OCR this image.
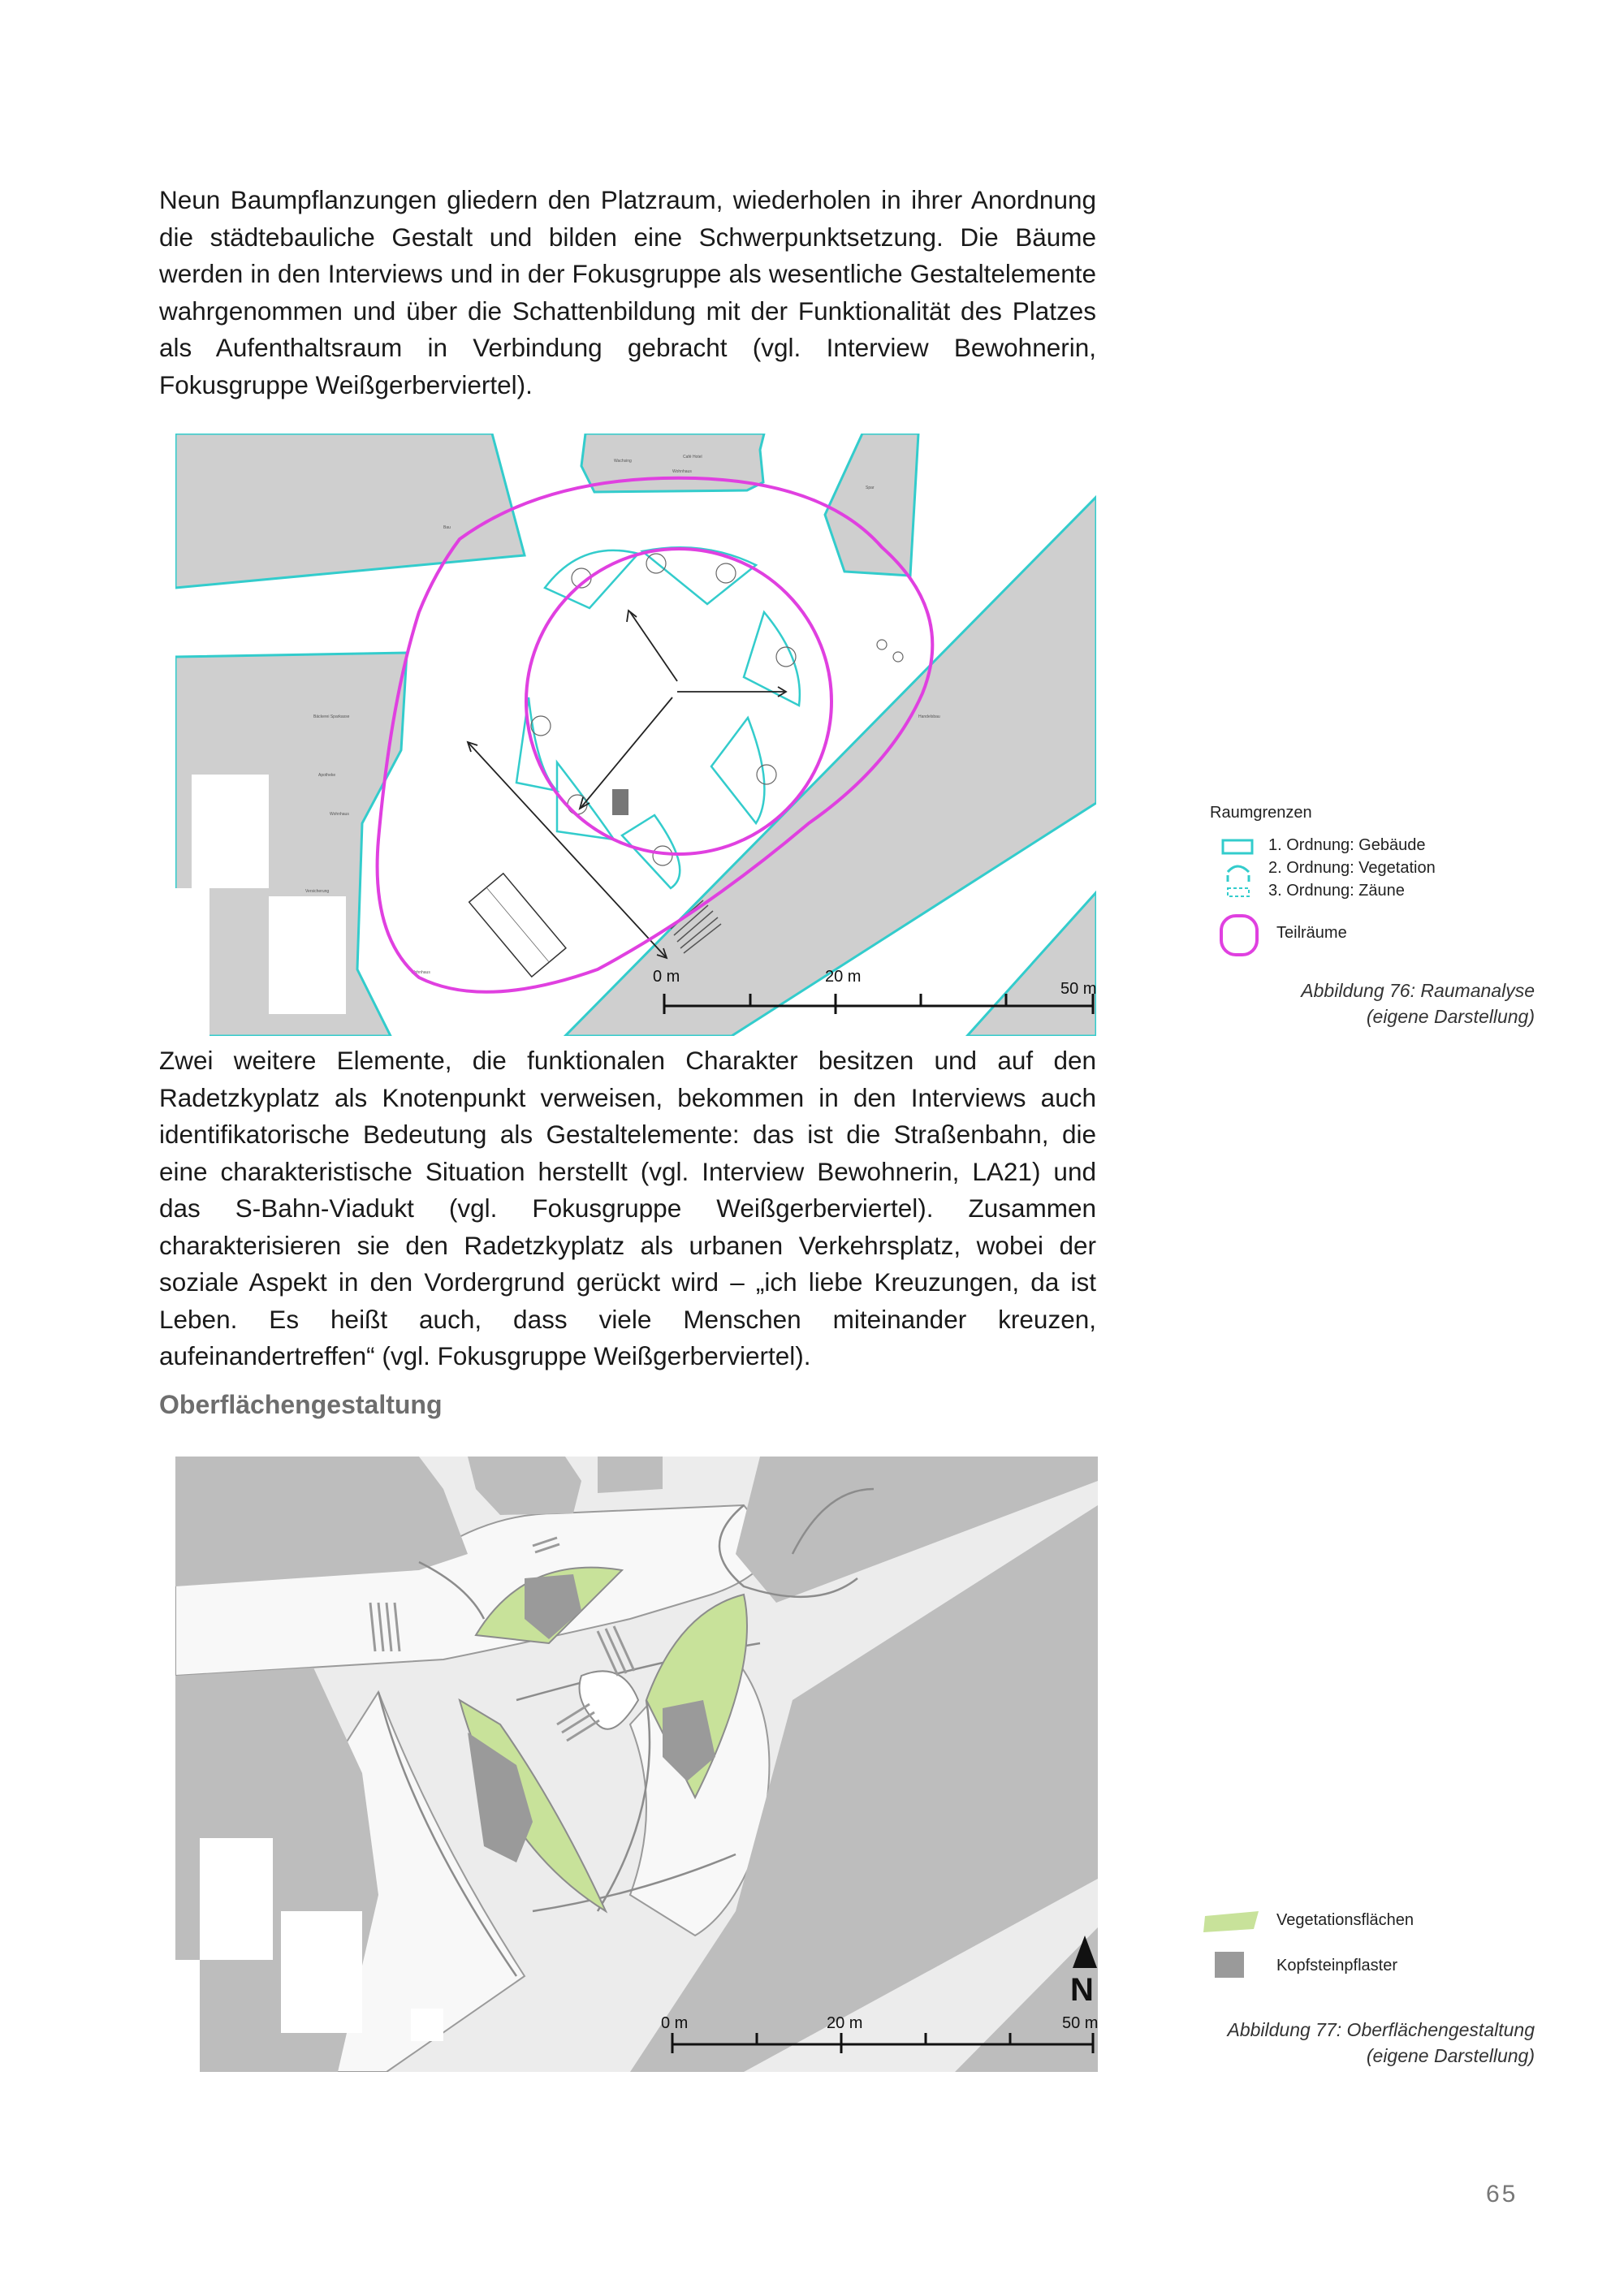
Neun Baumpflanzungen gliedern den Platzraum, wiederholen in ihrer Anordnung die städtebauliche Gestalt und bilden eine Schwerpunktsetzung. Die Bäume werden in den Interviews und in der Fokusgruppe als wesentliche Gestaltelemente wahrgenommen und über die Schattenbildung mit der Funktionalität des Platzes als Aufenthaltsraum in Verbindung gebracht (vgl. Interview Bewohnerin, Fokusgruppe Weißgerberviertel).

Wachsing
Café Hotel
Wohnhaus
Spar
Bau
Bäckerei Sparkasse
Apotheke
Wohnhaus
Versicherung
Handelsbau
Wohnhaus	0 m	20 m
50 m
Raumgrenzen
1. Ordnung: Gebäude
2. Ordnung: Vegetation
3. Ordnung: Zäune
Teilräume
Abbildung 76: Raumanalyse
(eigene Darstellung)

Zwei weitere Elemente, die funktionalen Charakter besitzen und auf den Radetzkyplatz als Knotenpunkt verweisen, bekommen in den Interviews auch identifikatorische Bedeutung als Gestaltelemente: das ist die Straßenbahn, die eine charakteristische Situation herstellt (vgl. Interview Bewohnerin, LA21) und das S-Bahn-Viadukt (vgl. Fokusgruppe Weißgerberviertel). Zusammen charakterisieren sie den Radetzkyplatz als urbanen Verkehrsplatz, wobei der soziale Aspekt in den Vordergrund gerückt wird – „ich liebe Kreuzungen, da ist Leben. Es heißt auch, dass viele Menschen miteinander kreuzen, aufeinandertreffen“ (vgl. Fokusgruppe Weißgerberviertel).

Oberflächengestaltung
N
0 m	20 m	50 m
Vegetationsflächen
Kopfsteinpflaster
Abbildung 77: Oberflächengestaltung
(eigene Darstellung)
65
